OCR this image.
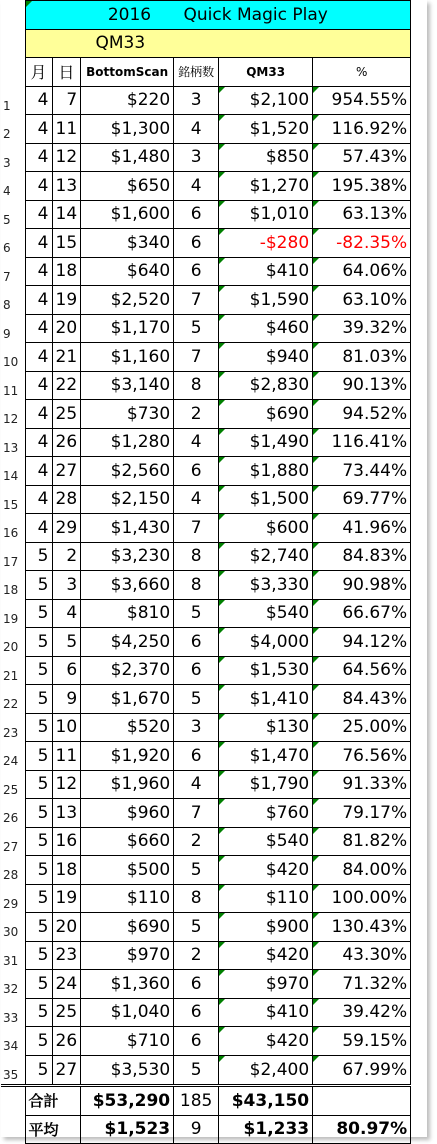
	2016 Quick Magic Play					
	QM33					
	月	日	BottomScan	銘柄数	QM33	%
1	4	7	$220	3	$2,100	954.55%
2	4	11	$1,300	4	$1,520	116.92%
3	4	12	$1,480	3	$850	57.43%
4	4	13	$650	4	$1,270	195.38%
5	4	14	$1,600	6	$1,010	63.13%
6	4	15	$340	6	-$280	-82.35%
7	4	18	$640	6	$410	64.06%
8	4	19	$2,520	7	$1,590	63.10%
9	4	20	$1,170	5	$460	39.32%
10	4	21	$1,160	7	$940	81.03%
11	4	22	$3,140	8	$2,830	90.13%
12	4	25	$730	2	$690	94.52%
13	4	26	$1,280	4	$1,490	116.41%
14	4	27	$2,560	6	$1,880	73.44%
15	4	28	$2,150	4	$1,500	69.77%
16	4	29	$1,430	7	$600	41.96%
17	5	2	$3,230	8	$2,740	84.83%
18	5	3	$3,660	8	$3,330	90.98%
19	5	4	$810	5	$540	66.67%
20	5	5	$4,250	6	$4,000	94.12%
21	5	6	$2,370	6	$1,530	64.56%
22	5	9	$1,670	5	$1,410	84.43%
23	5	10	$520	3	$130	25.00%
24	5	11	$1,920	6	$1,470	76.56%
25	5	12	$1,960	4	$1,790	91.33%
26	5	13	$960	7	$760	79.17%
27	5	16	$660	2	$540	81.82%
28	5	18	$500	5	$420	84.00%
29	5	19	$110	8	$110	100.00%
30	5	20	$690	5	$900	130.43%
31	5	23	$970	2	$420	43.30%
32	5	24	$1,360	6	$970	71.32%
33	5	25	$1,040	6	$410	39.42%
34	5	26	$710	6	$420	59.15%
35	5	27	$3,530	5	$2,400	67.99%
	合計		$53,290	185	$43,150	
	平均		$1,523	9	$1,233	80.97%
